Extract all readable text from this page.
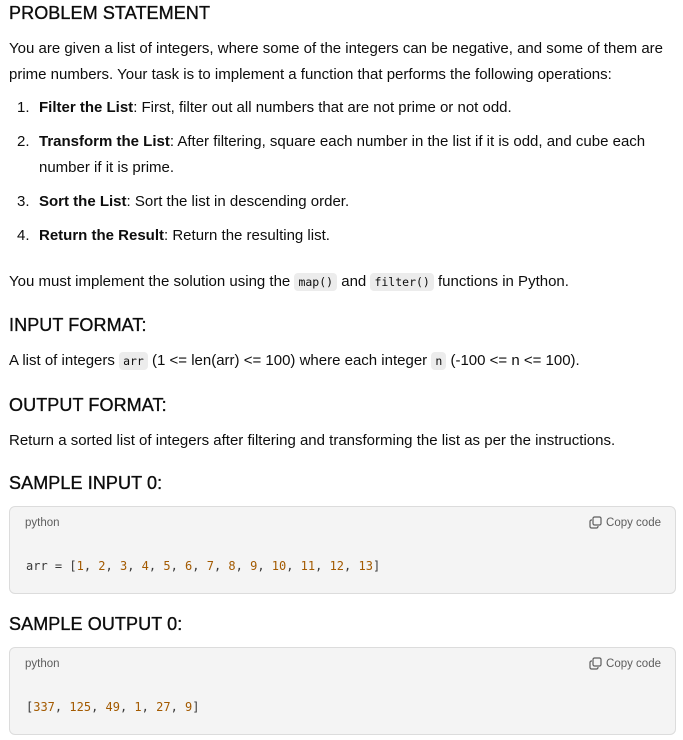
PROBLEM STATEMENT

You are given a list of integers, where some of the integers can be negative, and some of them are prime numbers. Your task is to implement a function that performs the following operations:

1. Filter the List: First, filter out all numbers that are not prime or not odd.
2. Transform the List: After filtering, square each number in the list if it is odd, and cube each number if it is prime.
3. Sort the List: Sort the list in descending order.
4. Return the Result: Return the resulting list.

You must implement the solution using the map() and filter() functions in Python.

INPUT FORMAT:

A list of integers arr (1 <= len(arr) <= 100) where each integer n (-100 <= n <= 100).

OUTPUT FORMAT:

Return a sorted list of integers after filtering and transforming the list as per the instructions.

SAMPLE INPUT 0:
python	Copy code
arr = [1, 2, 3, 4, 5, 6, 7, 8, 9, 10, 11, 12, 13]
SAMPLE OUTPUT 0:
python	Copy code
[337, 125, 49, 1, 27, 9]
